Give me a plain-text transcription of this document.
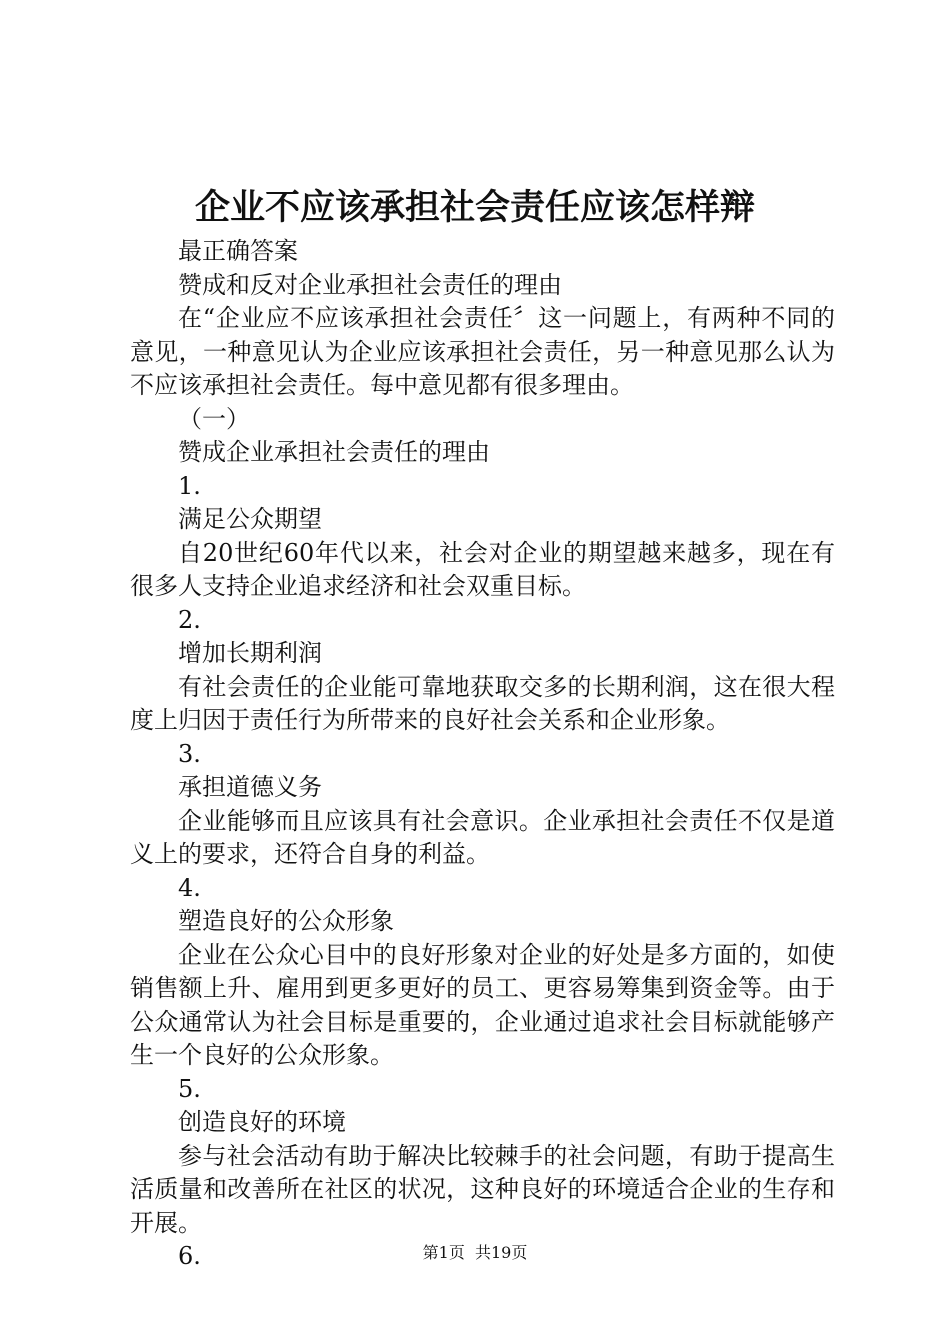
企业不应该承担社会责任应该怎样辩

最正确答案

赞成和反对企业承担社会责任的理由

在“企业应不应该承担社会责任〞这一问题上，有两种不同的意见，一种意见认为企业应该承担社会责任，另一种意见那么认为不应该承担社会责任。每中意见都有很多理由。

（一）

赞成企业承担社会责任的理由

1.

满足公众期望

自20世纪60年代以来，社会对企业的期望越来越多，现在有很多人支持企业追求经济和社会双重目标。

2.

增加长期利润

有社会责任的企业能可靠地获取交多的长期利润，这在很大程度上归因于责任行为所带来的良好社会关系和企业形象。

3.

承担道德义务

企业能够而且应该具有社会意识。企业承担社会责任不仅是道义上的要求，还符合自身的利益。

4.

塑造良好的公众形象

企业在公众心目中的良好形象对企业的好处是多方面的，如使销售额上升、雇用到更多更好的员工、更容易筹集到资金等。由于公众通常认为社会目标是重要的，企业通过追求社会目标就能够产生一个良好的公众形象。

5.

创造良好的环境

参与社会活动有助于解决比较棘手的社会问题，有助于提高生活质量和改善所在社区的状况，这种良好的环境适合企业的生存和开展。

6.	第1页  共19页
